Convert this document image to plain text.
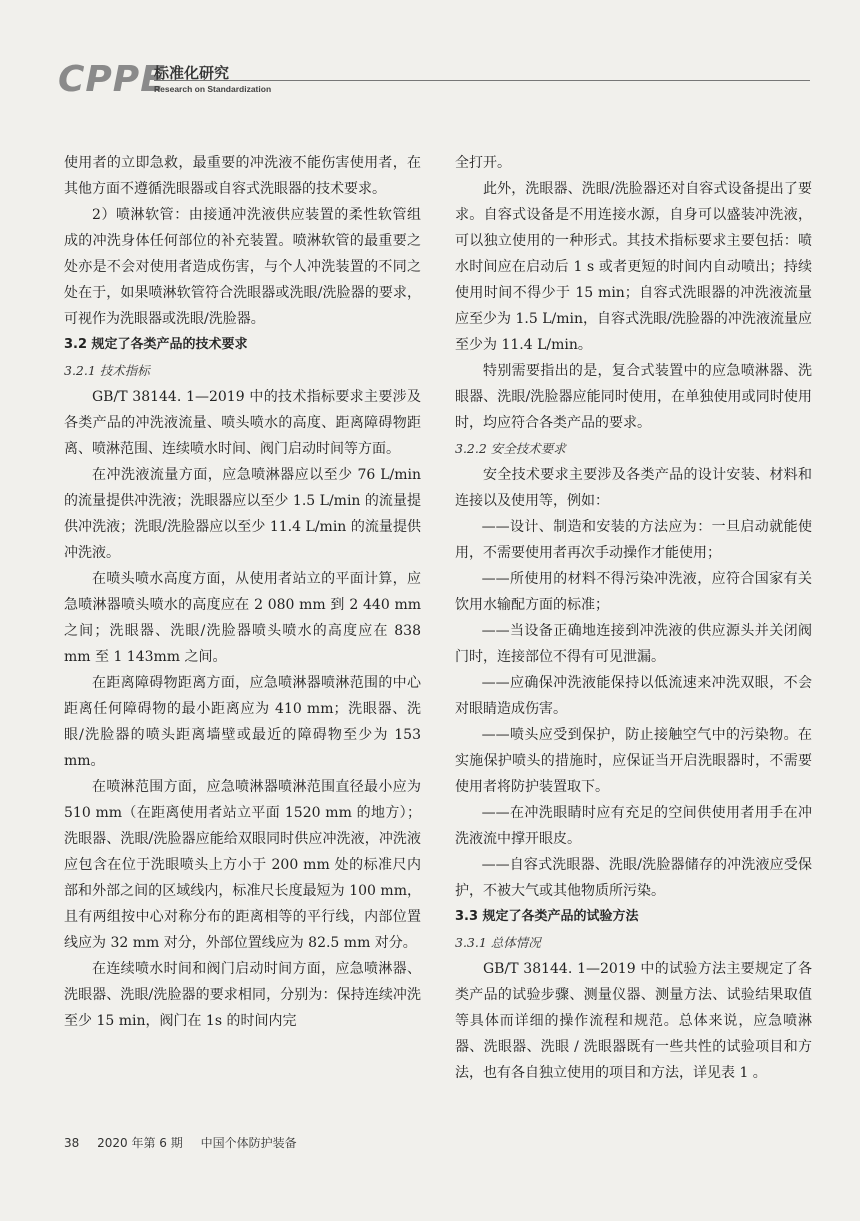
CPPE
标准化研究
Research on Standardization

使用者的立即急救，最重要的冲洗液不能伤害使用者，在其他方面不遵循洗眼器或自容式洗眼器的技术要求。

2）喷淋软管：由接通冲洗液供应装置的柔性软管组成的冲洗身体任何部位的补充装置。喷淋软管的最重要之处亦是不会对使用者造成伤害，与个人冲洗装置的不同之处在于，如果喷淋软管符合洗眼器或洗眼/洗脸器的要求，可视作为洗眼器或洗眼/洗脸器。

3.2 规定了各类产品的技术要求

3.2.1 技术指标

GB/T 38144. 1—2019 中的技术指标要求主要涉及各类产品的冲洗液流量、喷头喷水的高度、距离障碍物距离、喷淋范围、连续喷水时间、阀门启动时间等方面。

在冲洗液流量方面，应急喷淋器应以至少 76 L/min 的流量提供冲洗液；洗眼器应以至少 1.5 L/min 的流量提供冲洗液；洗眼/洗脸器应以至少 11.4 L/min 的流量提供冲洗液。

在喷头喷水高度方面，从使用者站立的平面计算，应急喷淋器喷头喷水的高度应在 2 080 mm 到 2 440 mm 之间；洗眼器、洗眼/洗脸器喷头喷水的高度应在 838 mm 至 1 143mm 之间。

在距离障碍物距离方面，应急喷淋器喷淋范围的中心距离任何障碍物的最小距离应为 410 mm；洗眼器、洗眼/洗脸器的喷头距离墙壁或最近的障碍物至少为 153 mm。

在喷淋范围方面，应急喷淋器喷淋范围直径最小应为 510 mm（在距离使用者站立平面 1520 mm 的地方）；洗眼器、洗眼/洗脸器应能给双眼同时供应冲洗液，冲洗液应包含在位于洗眼喷头上方小于 200 mm 处的标准尺内部和外部之间的区域线内，标准尺长度最短为 100 mm，且有两组按中心对称分布的距离相等的平行线，内部位置线应为 32 mm 对分，外部位置线应为 82.5 mm 对分。

在连续喷水时间和阀门启动时间方面，应急喷淋器、洗眼器、洗眼/洗脸器的要求相同，分别为：保持连续冲洗至少 15 min，阀门在 1s 的时间内完

全打开。

此外，洗眼器、洗眼/洗脸器还对自容式设备提出了要求。自容式设备是不用连接水源，自身可以盛装冲洗液，可以独立使用的一种形式。其技术指标要求主要包括：喷水时间应在启动后 1 s 或者更短的时间内自动喷出；持续使用时间不得少于 15 min；自容式洗眼器的冲洗液流量应至少为 1.5 L/min，自容式洗眼/洗脸器的冲洗液流量应至少为 11.4 L/min。

特别需要指出的是，复合式装置中的应急喷淋器、洗眼器、洗眼/洗脸器应能同时使用，在单独使用或同时使用时，均应符合各类产品的要求。

3.2.2 安全技术要求

安全技术要求主要涉及各类产品的设计安装、材料和连接以及使用等，例如：

——设计、制造和安装的方法应为：一旦启动就能使用，不需要使用者再次手动操作才能使用；

——所使用的材料不得污染冲洗液，应符合国家有关饮用水输配方面的标准；

——当设备正确地连接到冲洗液的供应源头并关闭阀门时，连接部位不得有可见泄漏。

——应确保冲洗液能保持以低流速来冲洗双眼，不会对眼睛造成伤害。

——喷头应受到保护，防止接触空气中的污染物。在实施保护喷头的措施时，应保证当开启洗眼器时，不需要使用者将防护装置取下。

——在冲洗眼睛时应有充足的空间供使用者用手在冲洗液流中撑开眼皮。

——自容式洗眼器、洗眼/洗脸器储存的冲洗液应受保护，不被大气或其他物质所污染。

3.3 规定了各类产品的试验方法

3.3.1 总体情况

GB/T 38144. 1—2019 中的试验方法主要规定了各类产品的试验步骤、测量仪器、测量方法、试验结果取值等具体而详细的操作流程和规范。总体来说，应急喷淋器、洗眼器、洗眼 / 洗眼器既有一些共性的试验项目和方法，也有各自独立使用的项目和方法，详见表 1 。

38 2020 年第 6 期 中国个体防护装备
